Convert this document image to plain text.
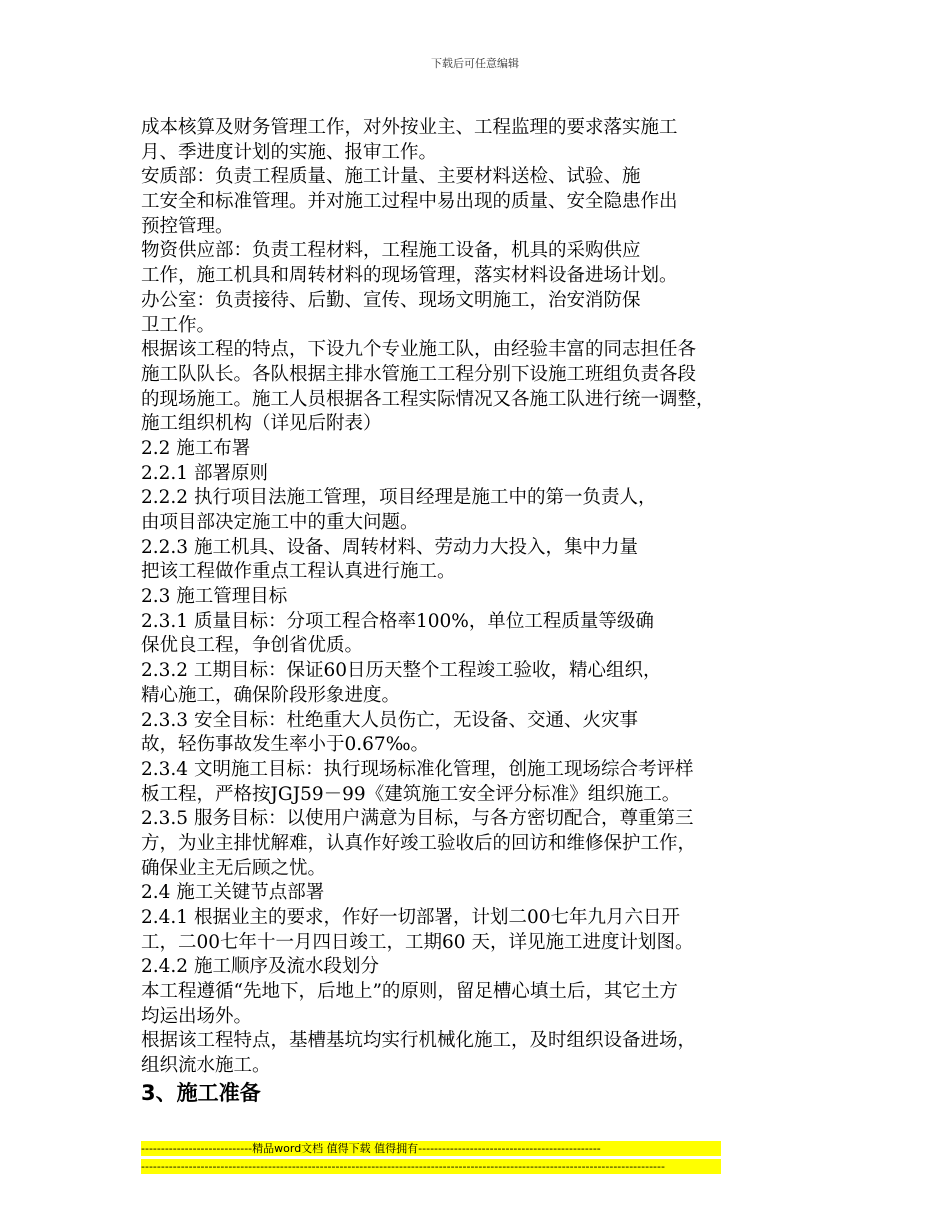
下载后可任意编辑
成本核算及财务管理工作，对外按业主、工程监理的要求落实施工
月、季进度计划的实施、报审工作。
安质部：负责工程质量、施工计量、主要材料送检、试验、施
工安全和标准管理。并对施工过程中易出现的质量、安全隐患作出
预控管理。
物资供应部：负责工程材料，工程施工设备，机具的采购供应
工作，施工机具和周转材料的现场管理，落实材料设备进场计划。
办公室：负责接待、后勤、宣传、现场文明施工，治安消防保
卫工作。
根据该工程的特点，下设九个专业施工队，由经验丰富的同志担任各
施工队队长。各队根据主排水管施工工程分别下设施工班组负责各段
的现场施工。施工人员根据各工程实际情况又各施工队进行统一调整，
施工组织机构（详见后附表）
2.2 施工布署
2.2.1 部署原则
2.2.2 执行项目法施工管理，项目经理是施工中的第一负责人，
由项目部决定施工中的重大问题。
2.2.3 施工机具、设备、周转材料、劳动力大投入，集中力量
把该工程做作重点工程认真进行施工。
2.3 施工管理目标
2.3.1 质量目标：分项工程合格率100%，单位工程质量等级确
保优良工程，争创省优质。
2.3.2 工期目标：保证60日历天整个工程竣工验收，精心组织，
精心施工，确保阶段形象进度。
2.3.3 安全目标：杜绝重大人员伤亡，无设备、交通、火灾事
故，轻伤事故发生率小于0.67‰。
2.3.4 文明施工目标：执行现场标准化管理，创施工现场综合考评样
板工程，严格按JGJ59－99《建筑施工安全评分标准》组织施工。
2.3.5 服务目标：以使用户满意为目标，与各方密切配合，尊重第三
方，为业主排忧解难，认真作好竣工验收后的回访和维修保护工作，
确保业主无后顾之忧。
2.4 施工关键节点部署
2.4.1 根据业主的要求，作好一切部署，计划二00七年九月六日开
工，二00七年十一月四日竣工，工期60 天，详见施工进度计划图。
2.4.2 施工顺序及流水段划分
本工程遵循“先地下，后地上”的原则，留足槽心填土后，其它土方
均运出场外。
根据该工程特点，基槽基坑均实行机械化施工，及时组织设备进场，
组织流水施工。
3、施工准备
----------------------------精品word文档 值得下载 值得拥有----------------------------------------------
------------------------------------------------------------------------------------------------------------------------------------
